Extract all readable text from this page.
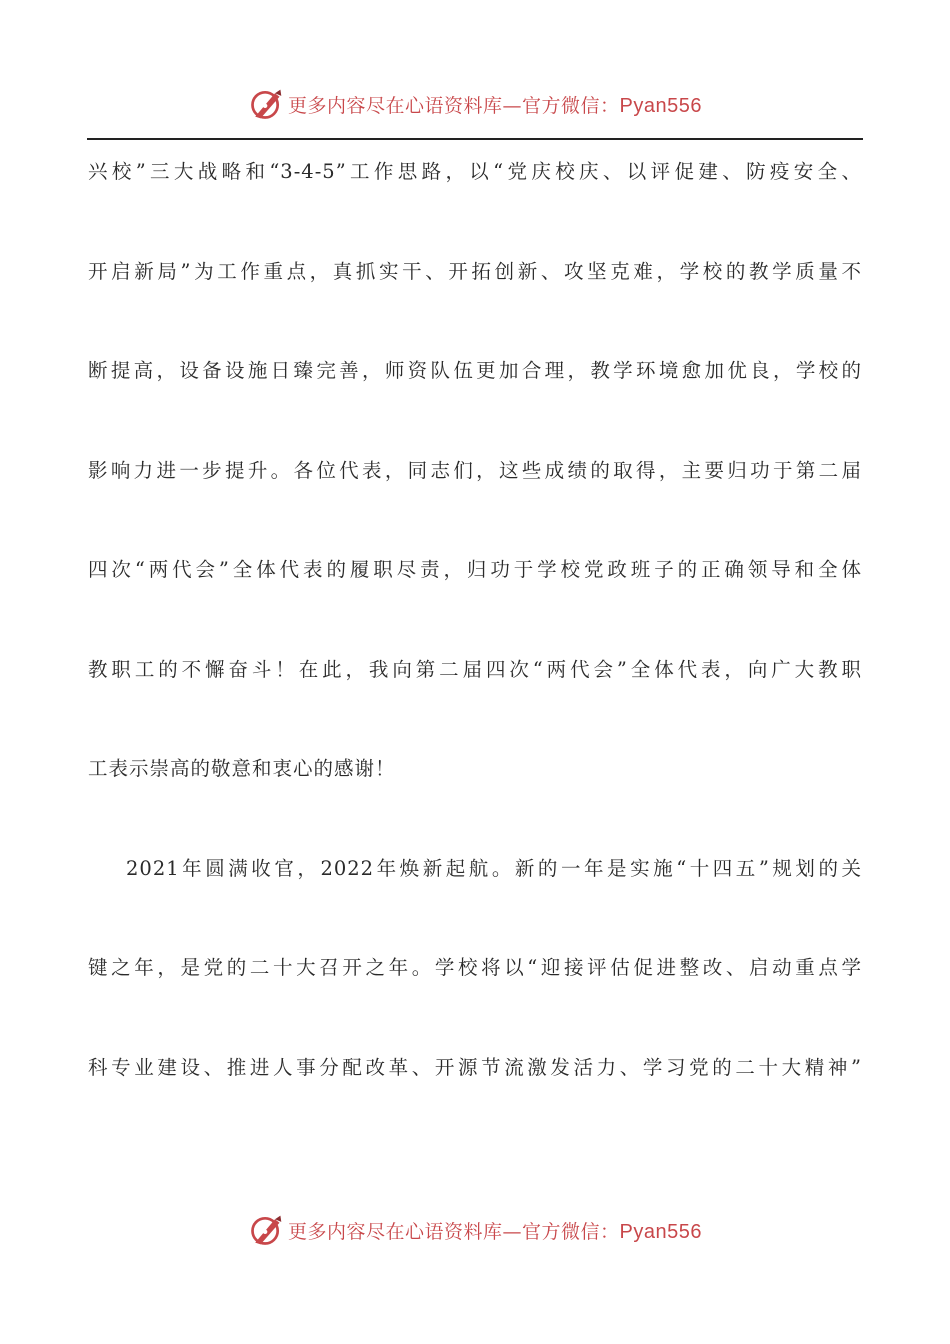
更多内容尽在心语资料库—官方微信：Pyan556
兴校”三大战略和“3-4-5”工作思路，以“党庆校庆、以评促建、防疫安全、
开启新局”为工作重点，真抓实干、开拓创新、攻坚克难，学校的教学质量不
断提高，设备设施日臻完善，师资队伍更加合理，教学环境愈加优良，学校的
影响力进一步提升。各位代表，同志们，这些成绩的取得，主要归功于第二届
四次“两代会”全体代表的履职尽责，归功于学校党政班子的正确领导和全体
教职工的不懈奋斗！在此，我向第二届四次“两代会”全体代表，向广大教职
工表示崇高的敬意和衷心的感谢！
2021年圆满收官，2022年焕新起航。新的一年是实施“十四五”规划的关
键之年，是党的二十大召开之年。学校将以“迎接评估促进整改、启动重点学
科专业建设、推进人事分配改革、开源节流激发活力、学习党的二十大精神”
更多内容尽在心语资料库—官方微信：Pyan556
